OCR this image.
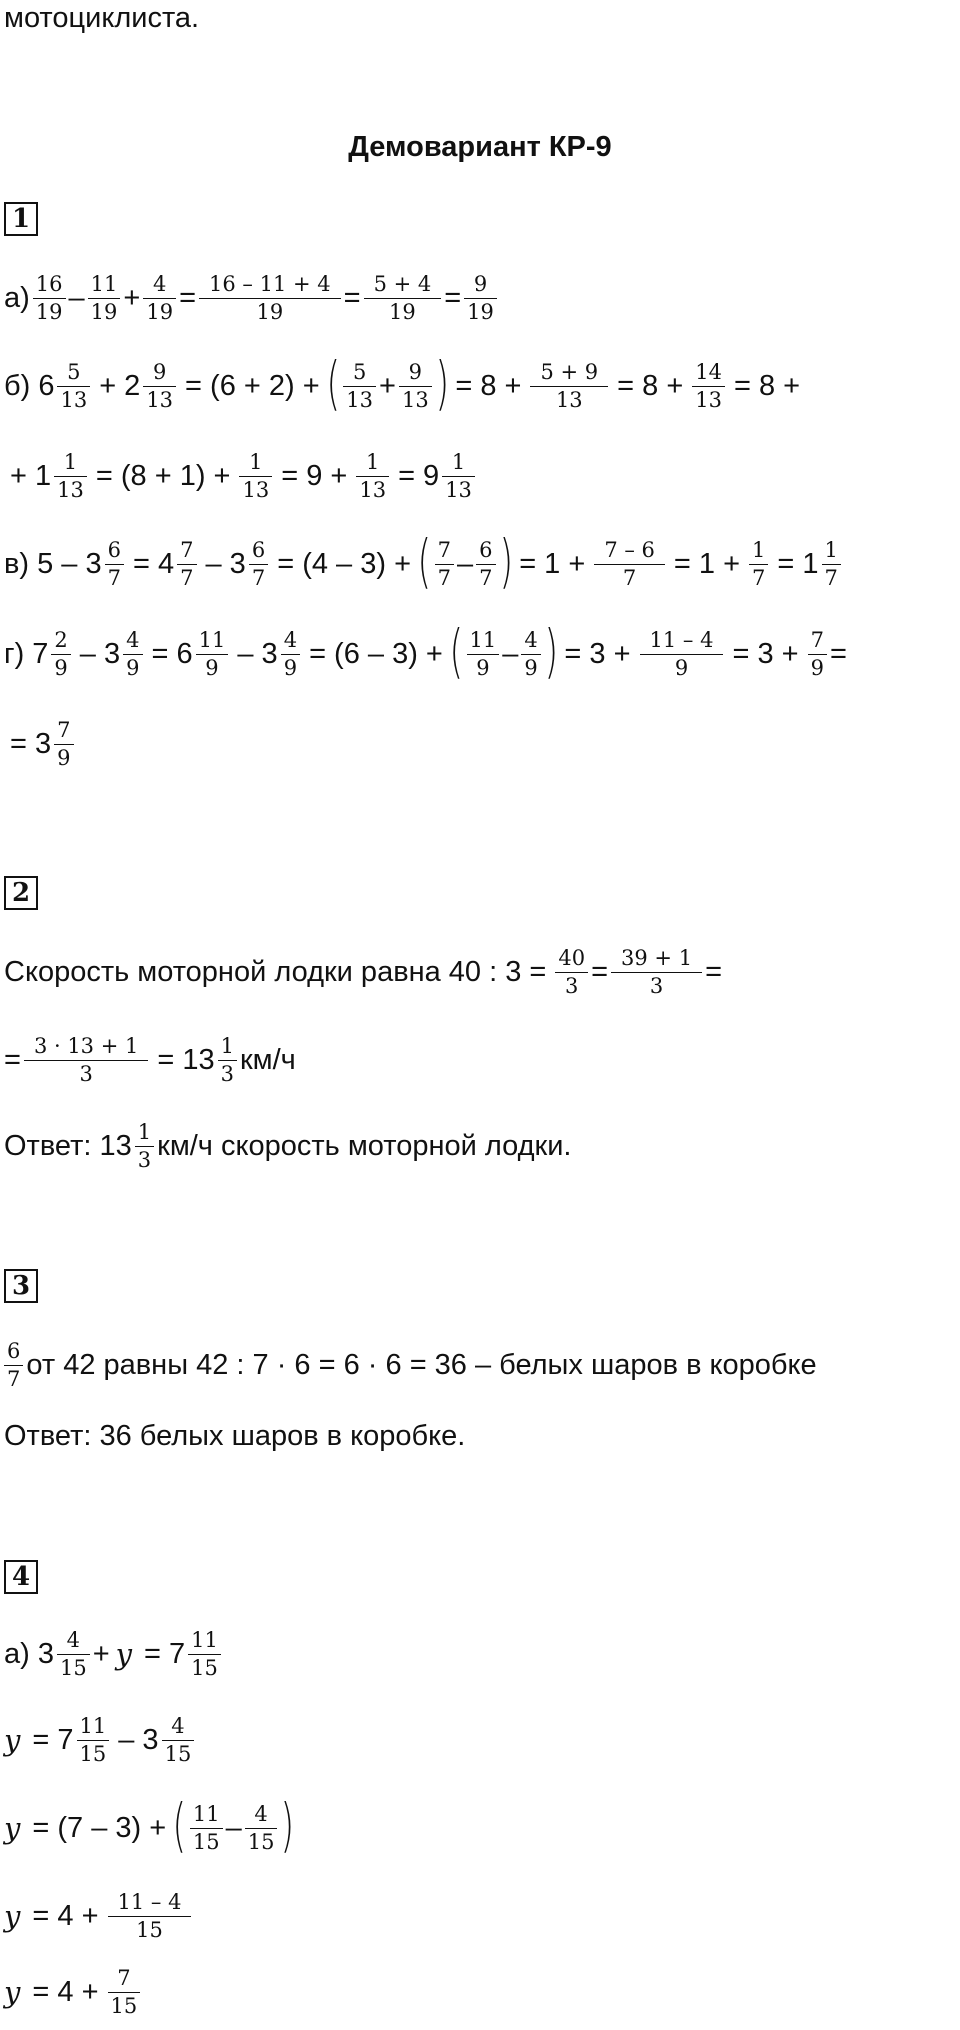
мотоциклиста.
Демовариант КР-9
1
$а) \frac{16}{19} - \frac{11}{19} + \frac{4}{19} = \frac{16 - 11 + 4}{19} = \frac{5 + 4}{19} = \frac{9}{19}$
б) $6 \frac{5}{13} + 2 \frac{9}{13} = (6 + 2)$ + ( $\frac{5}{13} + \frac{9}{13}$ ) = $8 + \frac{5 + 9}{13} = 8 + \frac{14}{13} = 8$ +
+ $1 \frac{1}{13} = (8 + 1) + \frac{1}{13} = 9 + \frac{1}{13} = 9 \frac{1}{13}$
в) $5 - 3 \frac{6}{7} = 4 \frac{7}{7} - 3 \frac{6}{7} = (4 - 3)$ + ( $\frac{7}{7} - \frac{6}{7}$ ) = $1 + \frac{7 - 6}{7} = 1 + \frac{1}{7} = 1 \frac{1}{7}$
г) $7 \frac{2}{9} - 3 \frac{4}{9} = 6 \frac{11}{9} - 3 \frac{4}{9} = (6 - 3)$ + ( $\frac{11}{9} - \frac{4}{9}$ ) = $3 + \frac{11 - 4}{9} = 3 + \frac{7}{9}$ =
= $3 \frac{7}{9}$
2
Скорость моторной лодки равна 40 : $3 = \frac{40}{3} = \frac{39 + 1}{3}$ =
= $\frac{3 \cdot 13 + 1}{3} = 13 \frac{1}{3} км/ч$
Ответ: $13 \frac{1}{3} км/ч$ скорость моторной лодки.
3
$\frac{6}{7}$ от 42 равны 42 : 7 · 6 = 6 · 6 = 36 – белых шаров в коробке
Ответ: 36 белых шаров в коробке.
4
а) $3 \frac{4}{15} + y = 7 \frac{11}{15}$
$y = 7 \frac{11}{15} - 3 \frac{4}{15}$
y = (7 – 3) + ( $\frac{11}{15} - \frac{4}{15}$ )
$y = 4 + \frac{11 - 4}{15}$
$y = 4 + \frac{7}{15}$
